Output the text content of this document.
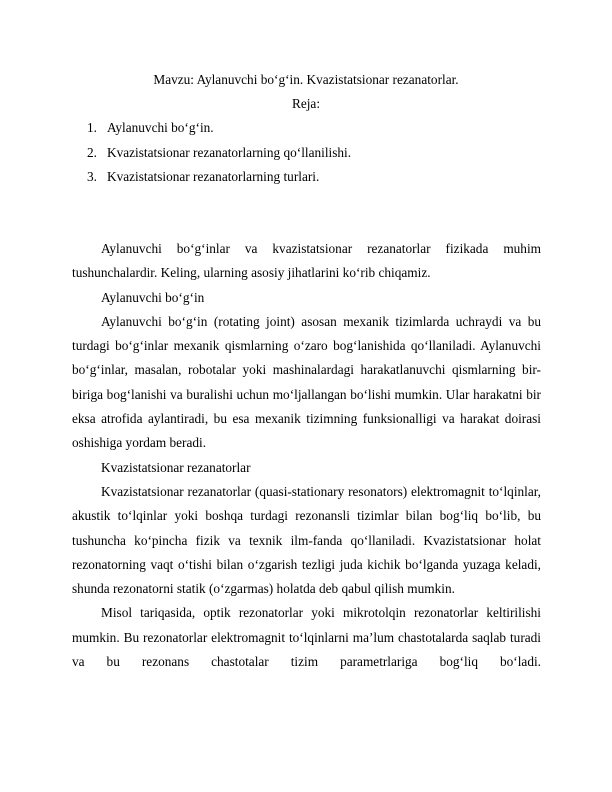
Mavzu: Aylanuvchi bo‘g‘in. Kvazistatsionar rezanatorlar.
Reja:
1. Aylanuvchi bo‘g‘in.
2. Kvazistatsionar rezanatorlarning qo‘llanilishi.
3. Kvazistatsionar rezanatorlarning turlari.

Aylanuvchi bo‘g‘inlar va kvazistatsionar rezanatorlar fizikada muhim tushunchalardir. Keling, ularning asosiy jihatlarini ko‘rib chiqamiz.

Aylanuvchi bo‘g‘in

Aylanuvchi bo‘g‘in (rotating joint) asosan mexanik tizimlarda uchraydi va bu turdagi bo‘g‘inlar mexanik qismlarning o‘zaro bog‘lanishida qo‘llaniladi. Aylanuvchi bo‘g‘inlar, masalan, robotalar yoki mashinalardagi harakatlanuvchi qismlarning bir-biriga bog‘lanishi va buralishi uchun mo‘ljallangan bo‘lishi mumkin. Ular harakatni bir eksa atrofida aylantiradi, bu esa mexanik tizimning funksionalligi va harakat doirasi oshishiga yordam beradi.

Kvazistatsionar rezanatorlar

Kvazistatsionar rezanatorlar (quasi-stationary resonators) elektromagnit to‘lqinlar, akustik to‘lqinlar yoki boshqa turdagi rezonansli tizimlar bilan bog‘liq bo‘lib, bu tushuncha ko‘pincha fizik va texnik ilm-fanda qo‘llaniladi. Kvazistatsionar holat rezonatorning vaqt o‘tishi bilan o‘zgarish tezligi juda kichik bo‘lganda yuzaga keladi, shunda rezonatorni statik (o‘zgarmas) holatda deb qabul qilish mumkin.

Misol tariqasida, optik rezonatorlar yoki mikrotolqin rezonatorlar keltirilishi mumkin. Bu rezonatorlar elektromagnit to‘lqinlarni ma’lum chastotalarda saqlab turadi va bu rezonans chastotalar tizim parametrlariga bog‘liq bo‘ladi.
